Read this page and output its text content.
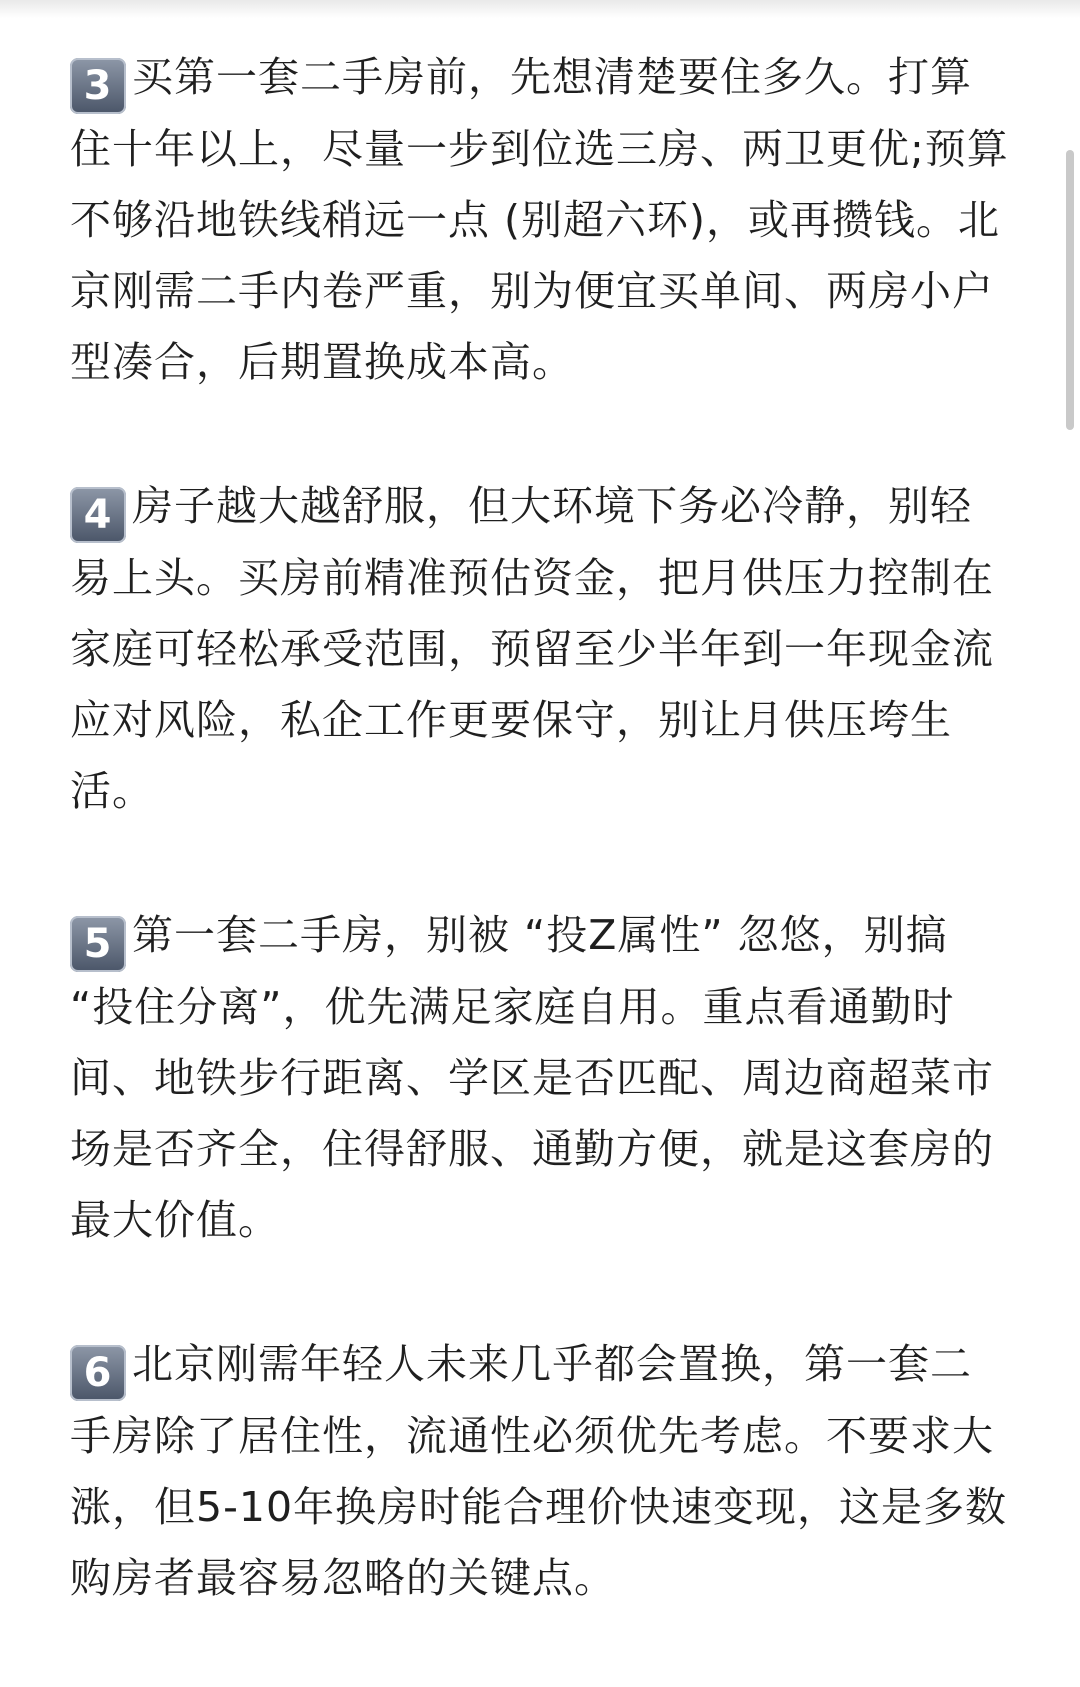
3 买第一套二手房前，先想清楚要住多久。打算住十年以上，尽量一步到位选三房、两卫更优;预算不够沿地铁线稍远一点 (别超六环)，或再攒钱。北京刚需二手内卷严重，别为便宜买单间、两房小户型凑合，后期置换成本高。

4 房子越大越舒服，但大环境下务必冷静，别轻易上头。买房前精准预估资金，把月供压力控制在家庭可轻松承受范围，预留至少半年到一年现金流应对风险，私企工作更要保守，别让月供压垮生活。

5 第一套二手房，别被 “投Z属性” 忽悠，别搞 “投住分离”，优先满足家庭自用。重点看通勤时间、地铁步行距离、学区是否匹配、周边商超菜市场是否齐全，住得舒服、通勤方便，就是这套房的最大价值。

6 北京刚需年轻人未来几乎都会置换，第一套二手房除了居住性，流通性必须优先考虑。不要求大涨，但5-10年换房时能合理价快速变现，这是多数购房者最容易忽略的关键点。
